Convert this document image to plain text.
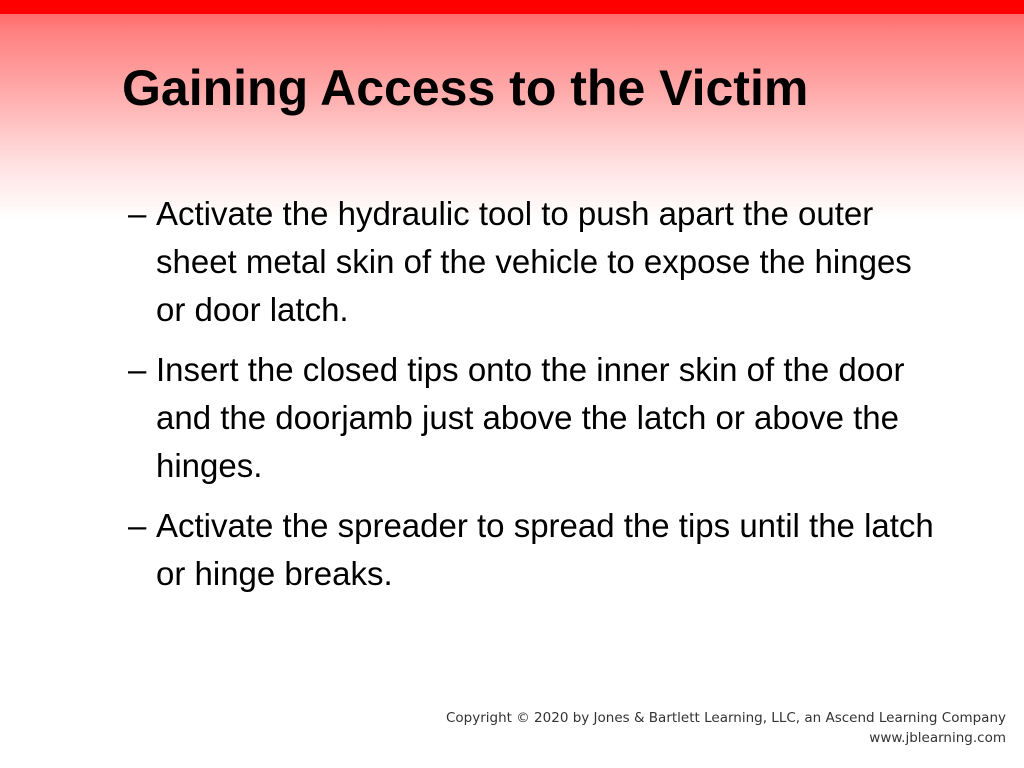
Gaining Access to the Victim
– Activate the hydraulic tool to push apart the outer sheet metal skin of the vehicle to expose the hinges or door latch.
– Insert the closed tips onto the inner skin of the door and the doorjamb just above the latch or above the hinges.
– Activate the spreader to spread the tips until the latch or hinge breaks.
Copyright © 2020 by Jones & Bartlett Learning, LLC, an Ascend Learning Company
www.jblearning.com
